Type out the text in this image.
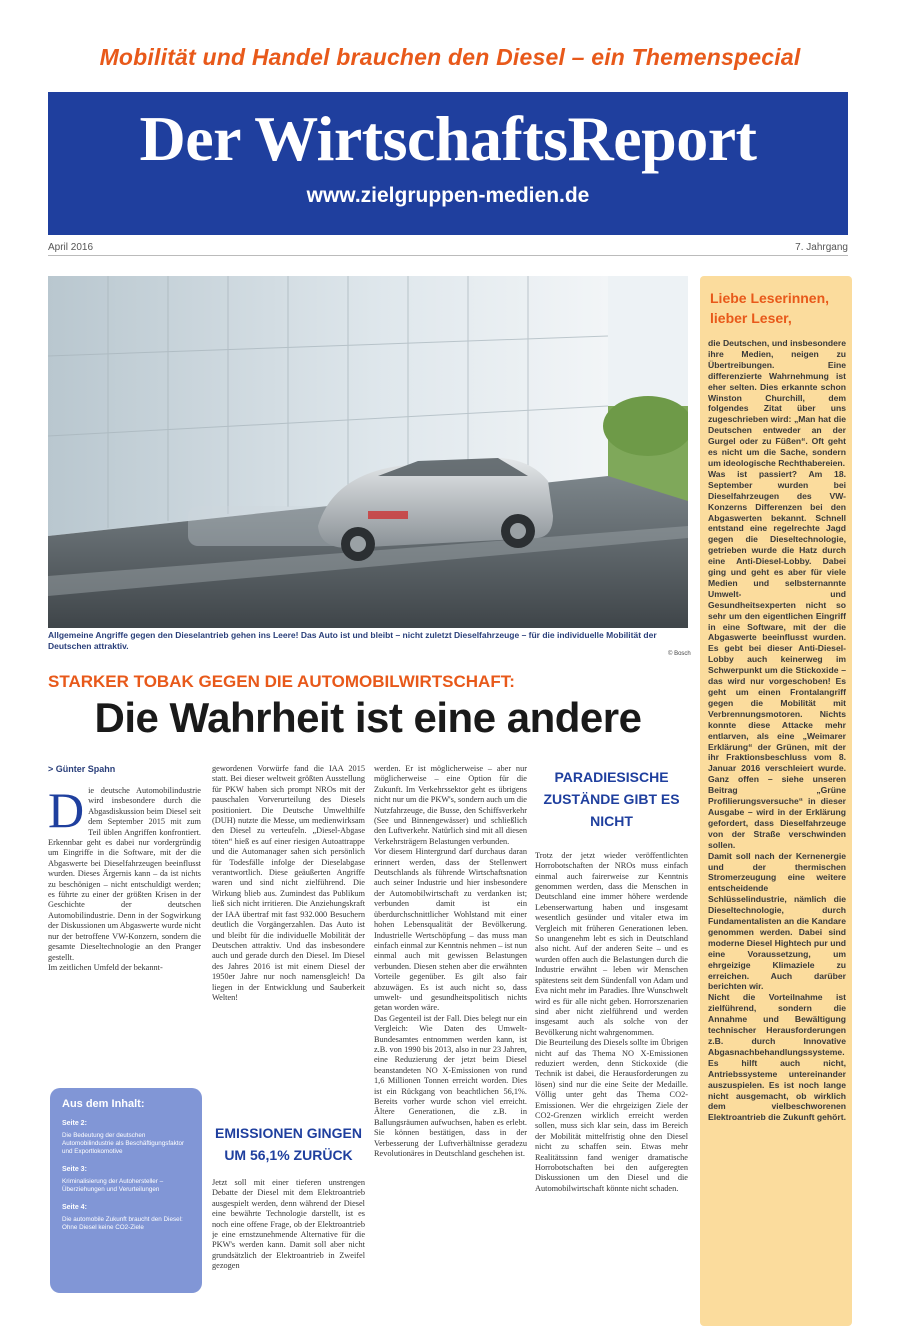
Mobilität und Handel brauchen den Diesel – ein Themenspecial
Der WirtschaftsReport
www.zielgruppen-medien.de
April 2016	7. Jahrgang
Allgemeine Angriffe gegen den Dieselantrieb gehen ins Leere! Das Auto ist und bleibt – nicht zuletzt Dieselfahrzeuge – für die individuelle Mobilität der Deutschen attraktiv.
© Bosch
Liebe Leserinnen, lieber Leser,
die Deutschen, und insbesondere ihre Medien, neigen zu Übertreibungen. Eine differenzierte Wahrnehmung ist eher selten. Dies erkannte schon Winston Churchill, dem folgendes Zitat über uns zugeschrieben wird: „Man hat die Deutschen entweder an der Gurgel oder zu Füßen“. Oft geht es nicht um die Sache, sondern um ideologische Rechthabereien.
Was ist passiert? Am 18. September wurden bei Dieselfahrzeugen des VW-Konzerns Differenzen bei den Abgaswerten bekannt. Schnell entstand eine regelrechte Jagd gegen die Dieseltechnologie, getrieben wurde die Hatz durch eine Anti-Diesel-Lobby. Dabei ging und geht es aber für viele Medien und selbsternannte Umwelt- und Gesundheitsexperten nicht so sehr um den eigentlichen Eingriff in eine Software, mit der die Abgaswerte beeinflusst wurden. Es gebt bei dieser Anti-Diesel-Lobby auch keinerweg im Schwerpunkt um die Stickoxide – das wird nur vorgeschoben! Es geht um einen Frontalangriff gegen die Mobilität mit Verbrennungsmotoren. Nichts konnte diese Attacke mehr entlarven, als eine „Weimarer Erklärung“ der Grünen, mit der ihr Fraktionsbeschluss vom 8. Januar 2016 verschleiert wurde. Ganz offen – siehe unseren Beitrag „Grüne Profilierungsversuche“ in dieser Ausgabe – wird in der Erklärung gefordert, dass Dieselfahrzeuge von der Straße verschwinden sollen.
Damit soll nach der Kernenergie und der thermischen Stromerzeugung eine weitere entscheidende Schlüsselindustrie, nämlich die Dieseltechnologie, durch Fundamentalisten an die Kandare genommen werden. Dabei sind moderne Diesel Hightech pur und eine Voraussetzung, um ehrgeizige Klimaziele zu erreichen. Auch darüber berichten wir.
Nicht die Vorteilnahme ist zielführend, sondern die Annahme und Bewältigung technischer Herausforderungen z.B. durch Innovative Abgasnachbehandlungssysteme. Es hilft auch nicht, Antriebssysteme untereinander auszuspielen. Es ist noch lange nicht ausgemacht, ob wirklich dem vielbeschworenen Elektroantrieb die Zukunft gehört.
STARKER TOBAK GEGEN DIE AUTOMOBILWIRTSCHAFT:
Die Wahrheit ist eine andere
> Günter Spahn
Die deutsche Automobilindustrie wird insbesondere durch die Abgasdiskussion beim Diesel seit dem September 2015 mit zum Teil üblen Angriffen konfrontiert. Erkennbar geht es dabei nur vordergründig um Eingriffe in die Software, mit der die Abgaswerte bei Dieselfahrzeugen beeinflusst wurden. Dieses Ärgernis kann – da ist nichts zu beschönigen – nicht entschuldigt werden; es führte zu einer der größten Krisen in der Geschichte der deutschen Automobilindustrie. Denn in der Sogwirkung der Diskussionen um Abgaswerte wurde nicht nur der betroffene VW-Konzern, sondern die gesamte Dieseltechnologie an den Pranger gestellt.
Im zeitlichen Umfeld der bekannt-
gewordenen Vorwürfe fand die IAA 2015 statt. Bei dieser weltweit größten Ausstellung für PKW haben sich prompt NROs mit der pauschalen Vorverurteilung des Diesels positioniert. Die Deutsche Umwelthilfe (DUH) nutzte die Messe, um medienwirksam den Diesel zu verteufeln. „Diesel-Abgase töten“ hieß es auf einer riesigen Autoattrappe und die Automanager sahen sich persönlich für Todesfälle infolge der Dieselabgase verantwortlich. Diese geäußerten Angriffe waren und sind nicht zielführend. Die Wirkung blieb aus. Zumindest das Publikum ließ sich nicht irritieren. Die Anziehungskraft der IAA übertraf mit fast 932.000 Besuchern deutlich die Vorgängerzahlen. Das Auto ist und bleibt für die individuelle Mobilität der Deutschen attraktiv. Und das insbesondere auch und gerade durch den Diesel. Im Diesel des Jahres 2016 ist mit einem Diesel der 1950er Jahre nur noch namensgleich! Da liegen in der Entwicklung und Sauberkeit Welten!
EMISSIONEN GINGEN UM 56,1% ZURÜCK
Jetzt soll mit einer tieferen unstrengen Debatte der Diesel mit dem Elektroantrieb ausgespielt werden, denn während der Diesel eine bewährte Technologie darstellt, ist es noch eine offene Frage, ob der Elektroantrieb je eine ernstzunehmende Alternative für die PKW's werden kann. Damit soll aber nicht grundsätzlich der Elektroantrieb in Zweifel gezogen
werden. Er ist möglicherweise – aber nur möglicherweise – eine Option für die Zukunft. Im Verkehrssektor geht es übrigens nicht nur um die PKW's, sondern auch um die Nutzfahrzeuge, die Busse, den Schiffsverkehr (See und Binnengewässer) und schließlich den Luftverkehr. Natürlich sind mit all diesen Verkehrsträgern Belastungen verbunden.
Vor diesem Hintergrund darf durchaus daran erinnert werden, dass der Stellenwert Deutschlands als führende Wirtschaftsnation auch seiner Industrie und hier insbesondere der Automobilwirtschaft zu verdanken ist; verbunden damit ist ein überdurchschnittlicher Wohlstand mit einer hohen Lebensqualität der Bevölkerung. Industrielle Wertschöpfung – das muss man einfach einmal zur Kenntnis nehmen – ist nun einmal auch mit gewissen Belastungen verbunden. Diesen stehen aber die erwähnten Vorteile gegenüber. Es gilt also fair abzuwägen. Es ist auch nicht so, dass umwelt- und gesundheitspolitisch nichts getan worden wäre.
Das Gegenteil ist der Fall. Dies belegt nur ein Vergleich: Wie Daten des Umwelt-Bundesamtes entnommen werden kann, ist z.B. von 1990 bis 2013, also in nur 23 Jahren, eine Reduzierung der jetzt beim Diesel beanstandeten NO X-Emissionen von rund 1,6 Millionen Tonnen erreicht worden. Dies ist ein Rückgang von beachtlichen 56,1%. Bereits vorher wurde schon viel erreicht. Ältere Generationen, die z.B. in Ballungsräumen aufwuchsen, haben es erlebt. Sie können bestätigen, dass in der Verbesserung der Luftverhältnisse geradezu Revolutionäres in Deutschland geschehen ist.

PARADIESISCHE ZUSTÄNDE GIBT ES NICHT

Trotz der jetzt wieder veröffentlichten Horrobotschaften der NROs muss einfach einmal auch fairerweise zur Kenntnis genommen werden, dass die Menschen in Deutschland eine immer höhere werdende Lebenserwartung haben und insgesamt wesentlich gesünder und vitaler etwa im Vergleich mit früheren Generationen leben. So unangenehm lebt es sich in Deutschland also nicht. Auf der anderen Seite – und es wurden offen auch die Belastungen durch die Industrie erwähnt – leben wir Menschen spätestens seit dem Sündenfall von Adam und Eva nicht mehr im Paradies. Ihre Wunschwelt wird es für alle nicht geben. Horrorszenarien sind aber nicht zielführend und werden insgesamt auch als solche von der Bevölkerung nicht wahrgenommen.
Die Beurteilung des Diesels sollte im Übrigen nicht auf das Thema NO X-Emissionen reduziert werden, denn Stickoxide (die Technik ist dabei, die Herausforderungen zu lösen) sind nur die eine Seite der Medaille. Völlig unter geht das Thema CO2-Emissionen. Wer die ehrgeizigen Ziele der CO2-Grenzen wirklich erreicht werden sollen, muss sich klar sein, dass im Bereich der Mobilität mittelfristig ohne den Diesel nicht zu schaffen sein. Etwas mehr Realitätssinn fand weniger dramatische Horrobotschaften bei den aufgeregten Diskussionen um den Diesel und die Automobilwirtschaft könnte nicht schaden.

Aus dem Inhalt:
Seite 2:
Die Bedeutung der deutschen Automobilindustrie als Beschäftigungsfaktor und Exportlokomotive
Seite 3:
Kriminalisierung der Autohersteller – Überziehungen und Verurteilungen
Seite 4:
Die automobile Zukunft braucht den Diesel: Ohne Diesel keine CO2-Ziele
